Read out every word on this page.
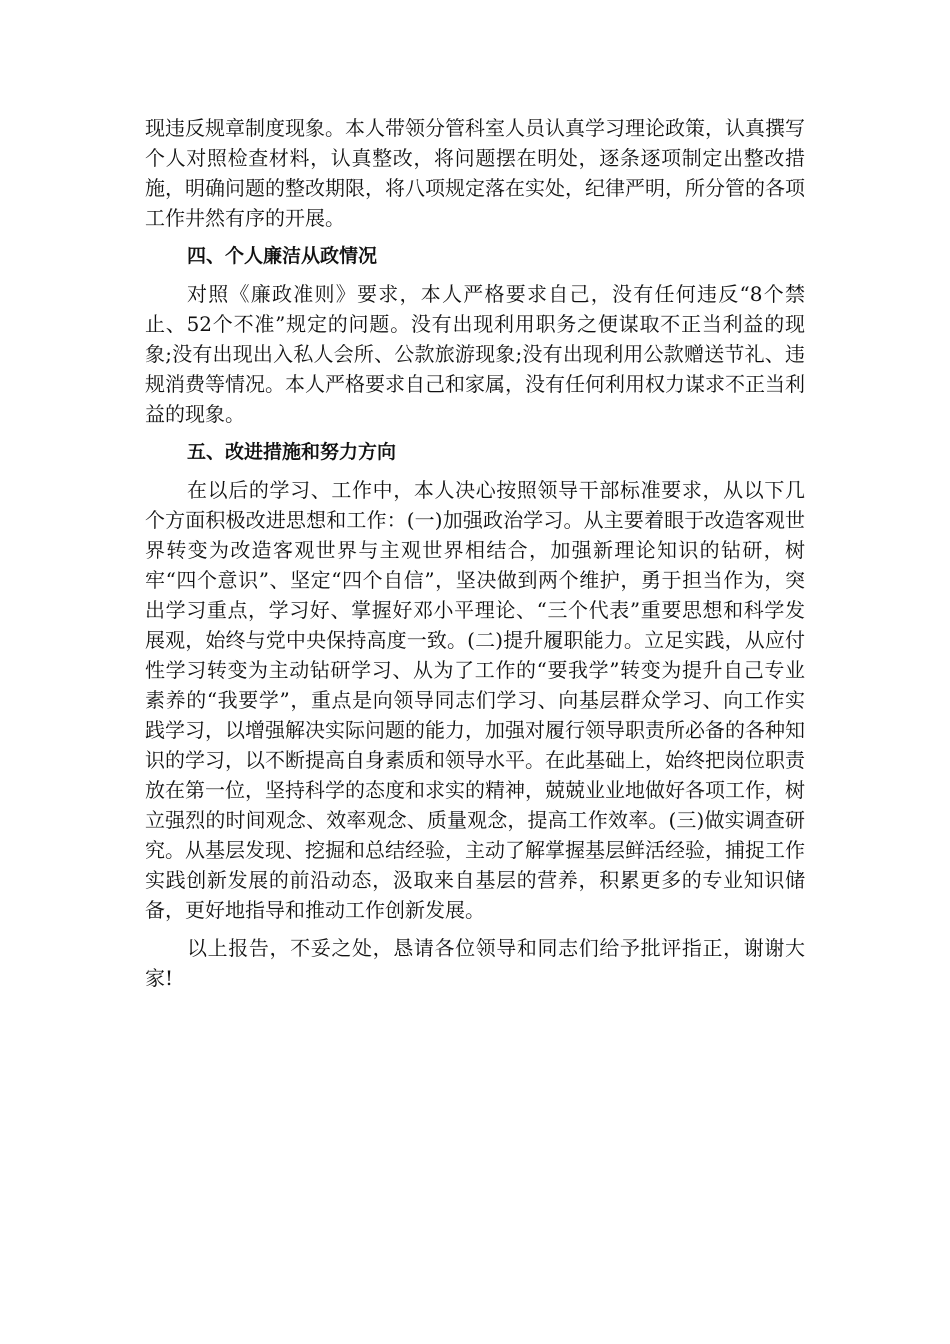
现违反规章制度现象。本人带领分管科室人员认真学习理论政策，认真撰写个人对照检查材料，认真整改，将问题摆在明处，逐条逐项制定出整改措施，明确问题的整改期限，将八项规定落在实处，纪律严明，所分管的各项工作井然有序的开展。

四、个人廉洁从政情况

对照《廉政准则》要求，本人严格要求自己，没有任何违反“8个禁止、52个不准”规定的问题。没有出现利用职务之便谋取不正当利益的现象;没有出现出入私人会所、公款旅游现象;没有出现利用公款赠送节礼、违规消费等情况。本人严格要求自己和家属，没有任何利用权力谋求不正当利益的现象。

五、改进措施和努力方向

在以后的学习、工作中，本人决心按照领导干部标准要求，从以下几个方面积极改进思想和工作：(一)加强政治学习。从主要着眼于改造客观世界转变为改造客观世界与主观世界相结合，加强新理论知识的钻研，树牢“四个意识”、坚定“四个自信”，坚决做到两个维护，勇于担当作为，突出学习重点，学习好、掌握好邓小平理论、“三个代表”重要思想和科学发展观，始终与党中央保持高度一致。(二)提升履职能力。立足实践，从应付性学习转变为主动钻研学习、从为了工作的“要我学”转变为提升自己专业素养的“我要学”，重点是向领导同志们学习、向基层群众学习、向工作实践学习，以增强解决实际问题的能力，加强对履行领导职责所必备的各种知识的学习，以不断提高自身素质和领导水平。在此基础上，始终把岗位职责放在第一位，坚持科学的态度和求实的精神，兢兢业业地做好各项工作，树立强烈的时间观念、效率观念、质量观念，提高工作效率。(三)做实调查研究。从基层发现、挖掘和总结经验，主动了解掌握基层鲜活经验，捕捉工作实践创新发展的前沿动态，汲取来自基层的营养，积累更多的专业知识储备，更好地指导和推动工作创新发展。

以上报告，不妥之处，恳请各位领导和同志们给予批评指正，谢谢大家!
